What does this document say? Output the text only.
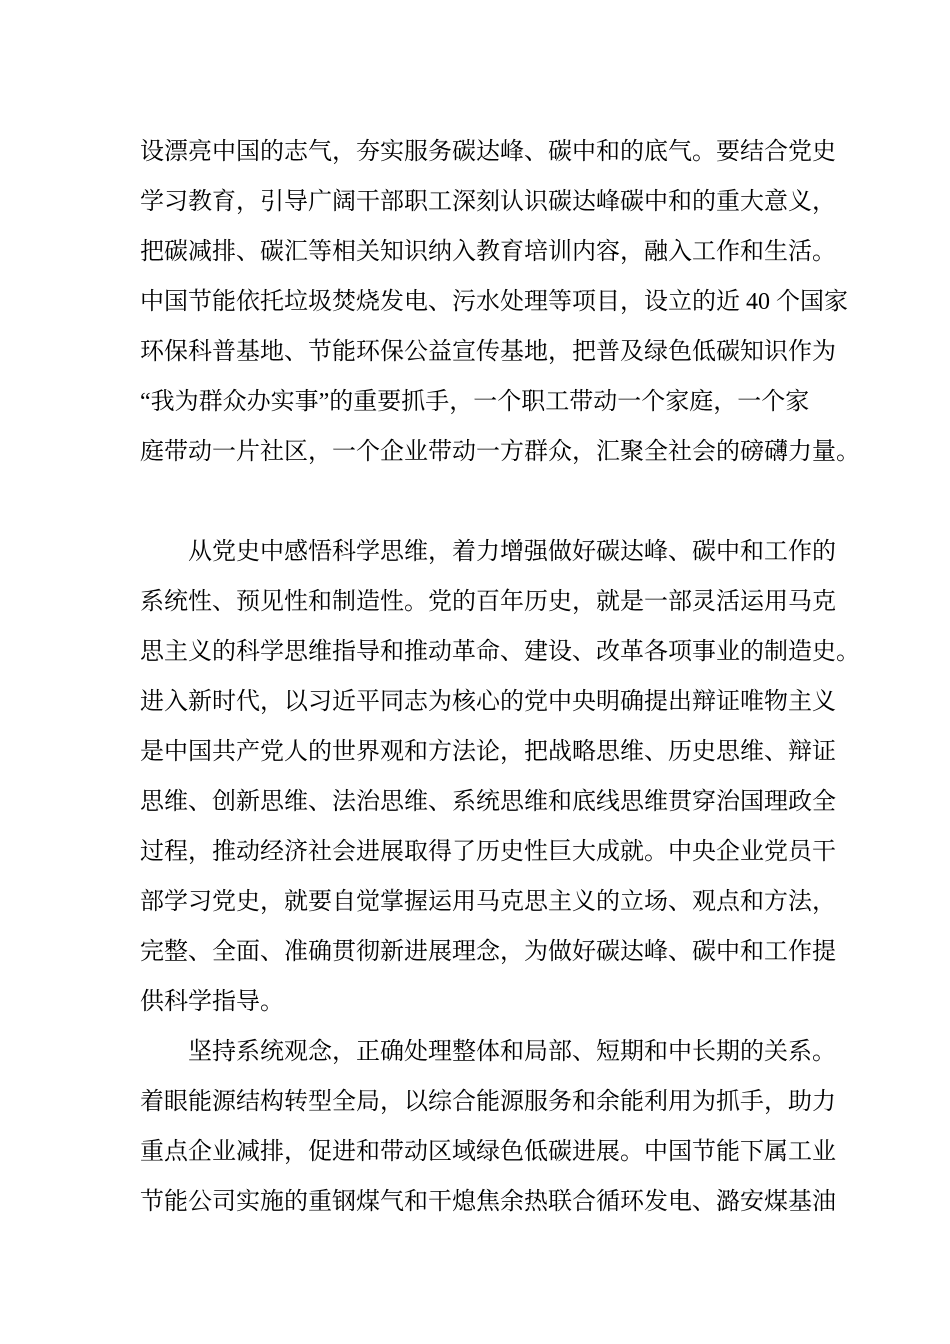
设漂亮中国的志气，夯实服务碳达峰、碳中和的底气。要结合党史
学习教育，引导广阔干部职工深刻认识碳达峰碳中和的重大意义，
把碳减排、碳汇等相关知识纳入教育培训内容，融入工作和生活。
中国节能依托垃圾焚烧发电、污水处理等项目，设立的近 40 个国家
环保科普基地、节能环保公益宣传基地，把普及绿色低碳知识作为
“我为群众办实事”的重要抓手，一个职工带动一个家庭，一个家
庭带动一片社区，一个企业带动一方群众，汇聚全社会的磅礴力量。
　　从党史中感悟科学思维，着力增强做好碳达峰、碳中和工作的
系统性、预见性和制造性。党的百年历史，就是一部灵活运用马克
思主义的科学思维指导和推动革命、建设、改革各项事业的制造史。
进入新时代，以习近平同志为核心的党中央明确提出辩证唯物主义
是中国共产党人的世界观和方法论，把战略思维、历史思维、辩证
思维、创新思维、法治思维、系统思维和底线思维贯穿治国理政全
过程，推动经济社会进展取得了历史性巨大成就。中央企业党员干
部学习党史，就要自觉掌握运用马克思主义的立场、观点和方法，
完整、全面、准确贯彻新进展理念，为做好碳达峰、碳中和工作提
供科学指导。
　　坚持系统观念，正确处理整体和局部、短期和中长期的关系。
着眼能源结构转型全局，以综合能源服务和余能利用为抓手，助力
重点企业减排，促进和带动区域绿色低碳进展。中国节能下属工业
节能公司实施的重钢煤气和干熄焦余热联合循环发电、潞安煤基油
